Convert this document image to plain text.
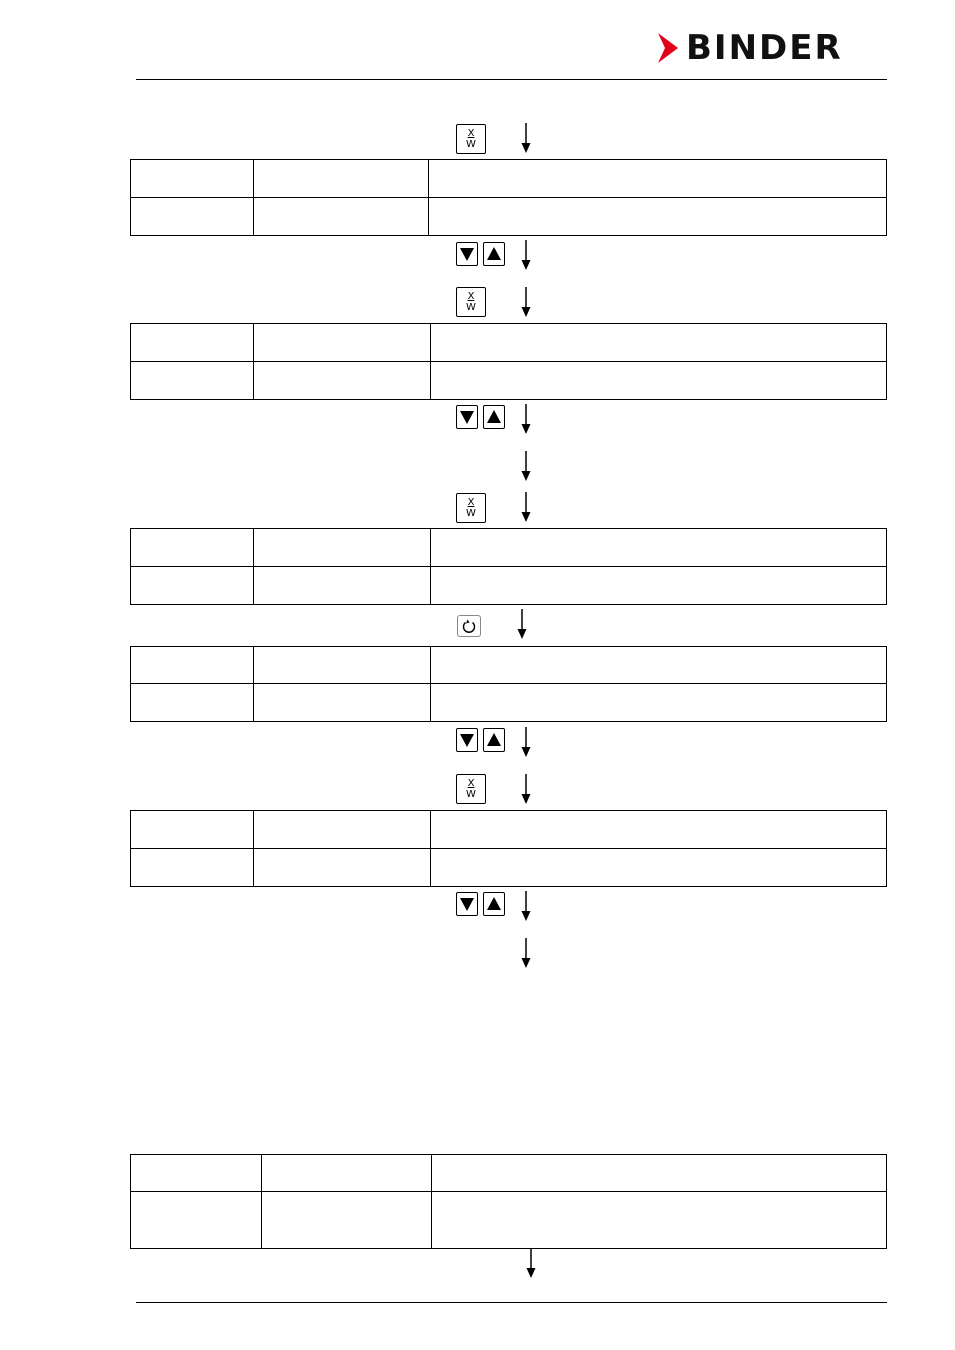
BINDER
X
W

X
W

X
W

X
W
